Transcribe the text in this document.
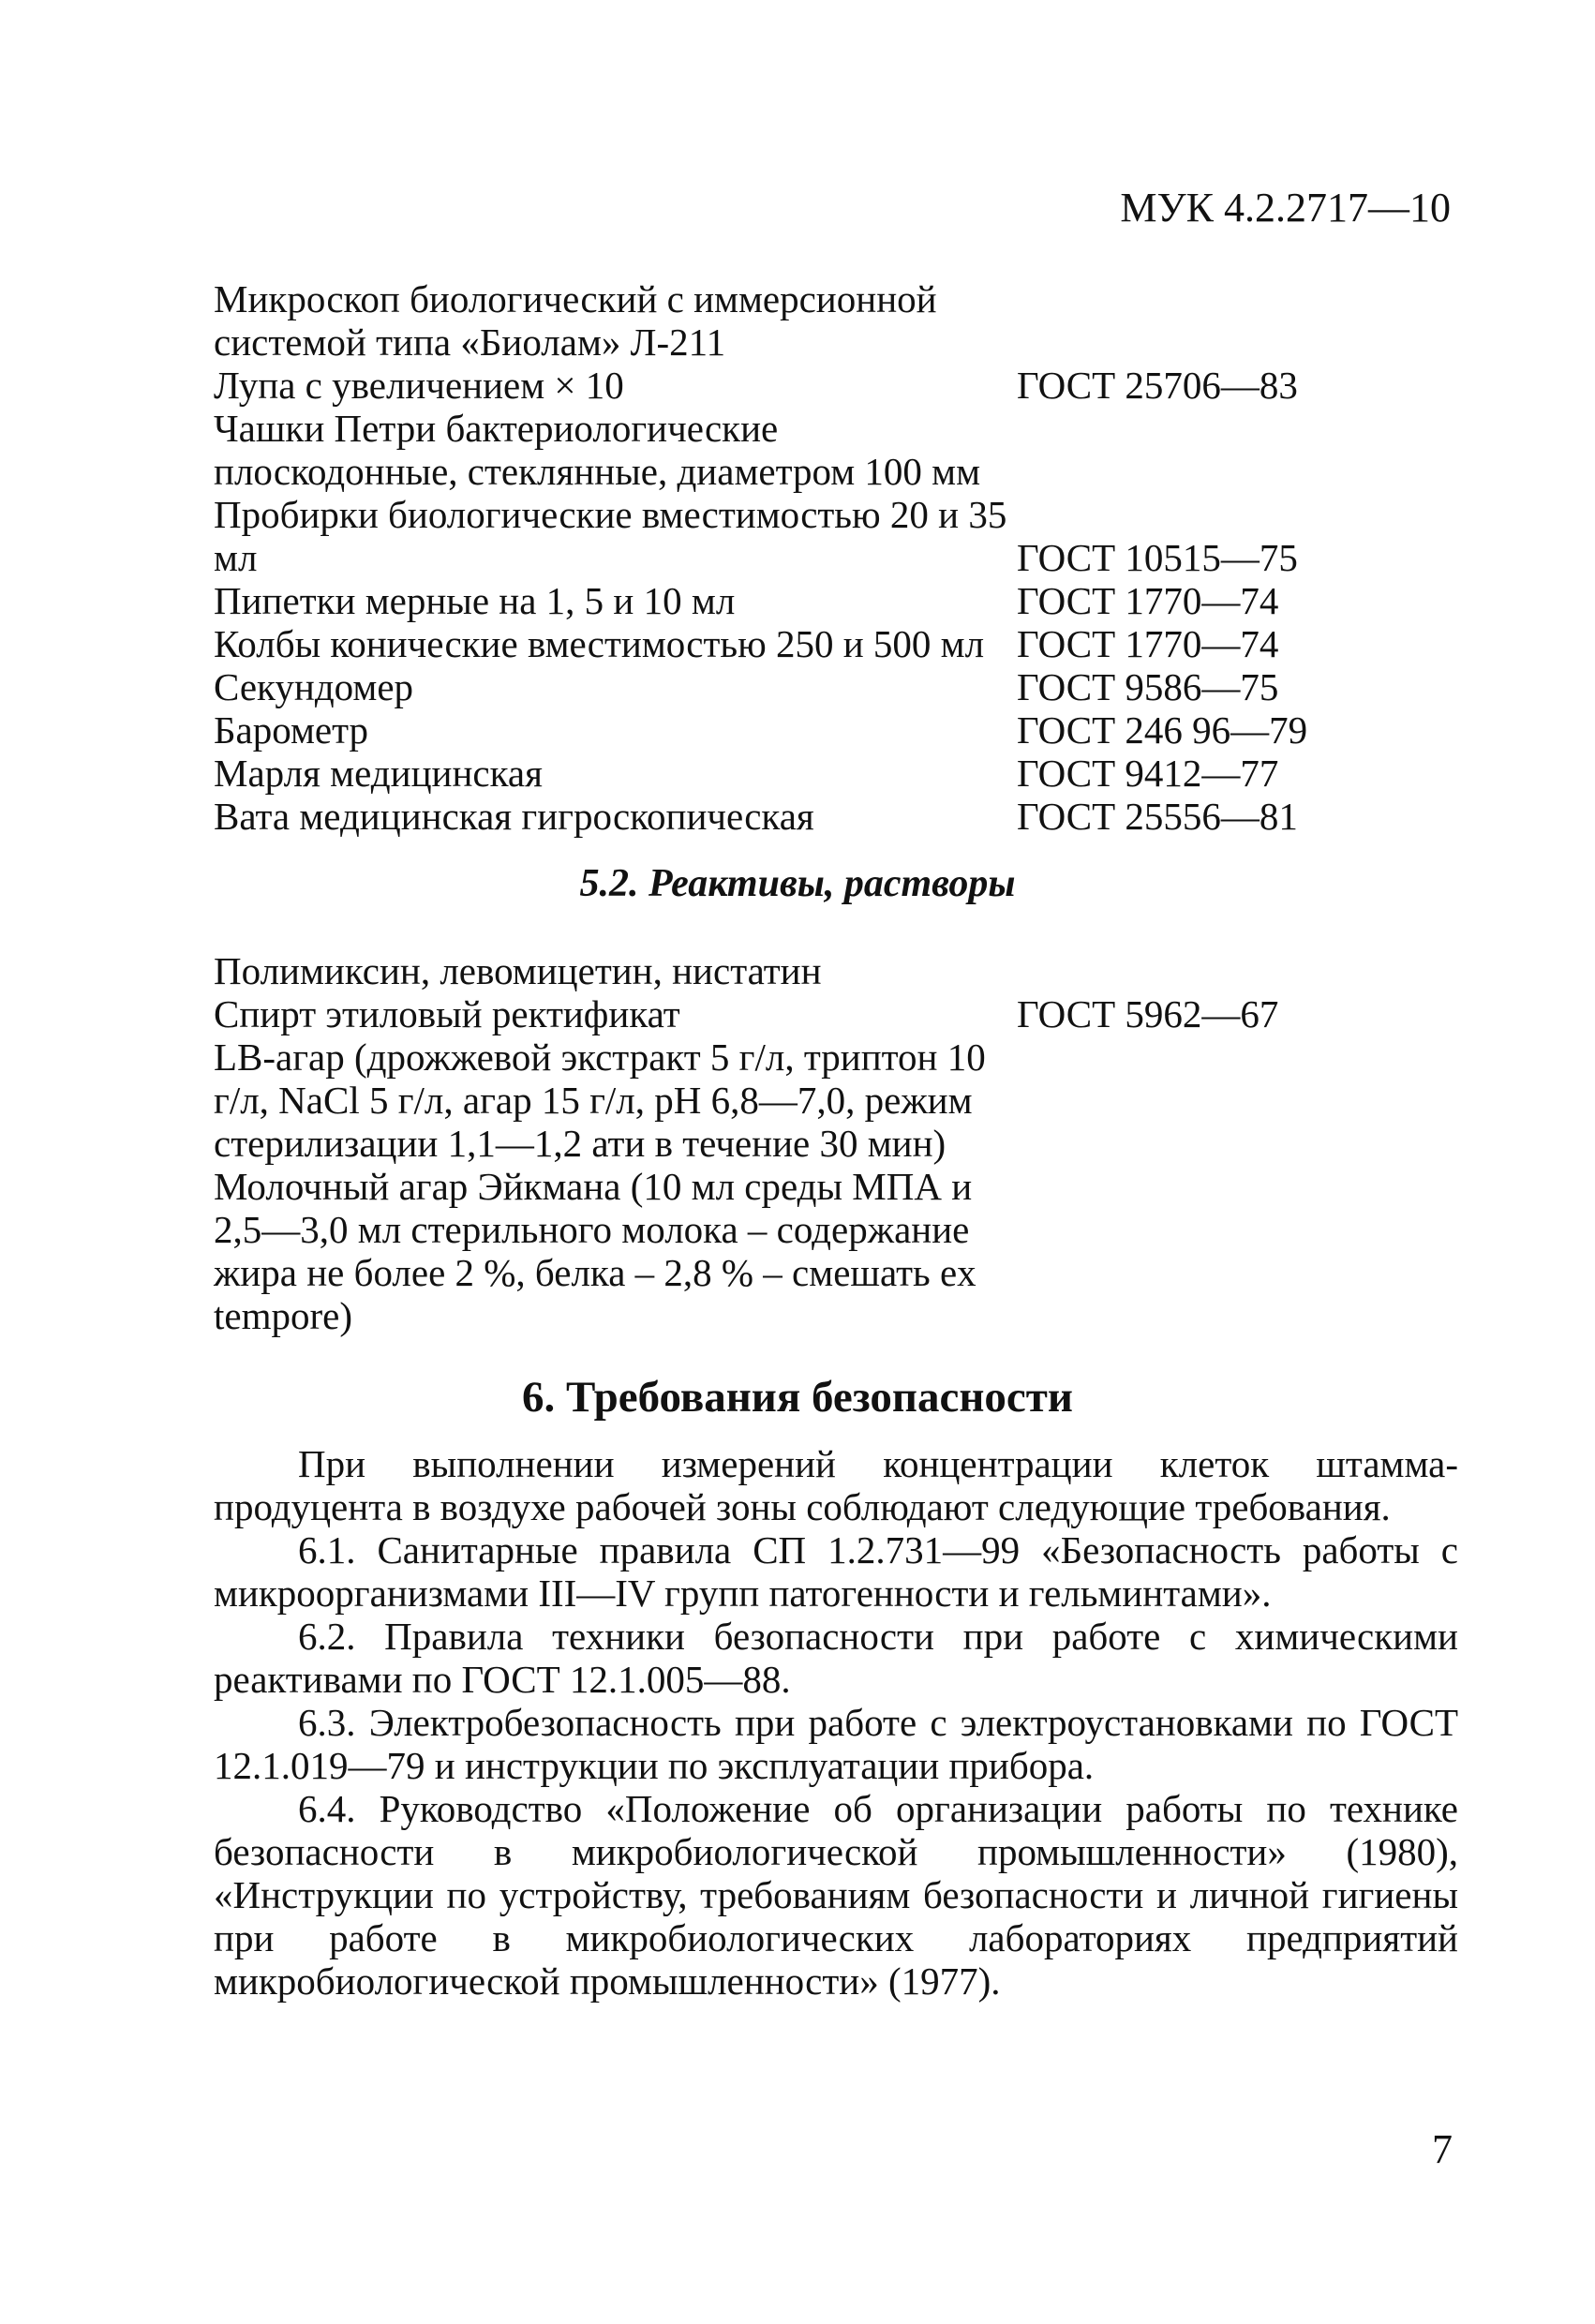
МУК 4.2.2717—10
Микроскоп биологический с иммерсионной системой типа «Биолам» Л-211
Лупа с увеличением × 10	ГОСТ 25706—83
Чашки Петри бактериологические плоскодонные, стеклянные, диаметром 100 мм
Пробирки биологические вместимостью 20 и 35 мл	ГОСТ 10515—75
Пипетки мерные на 1, 5 и 10 мл	ГОСТ 1770—74
Колбы конические вместимостью 250 и 500 мл ГОСТ 1770—74
Секундомер	ГОСТ 9586—75
Барометр	ГОСТ 246 96—79
Марля медицинская	ГОСТ 9412—77
Вата медицинская гигроскопическая	ГОСТ 25556—81
5.2. Реактивы, растворы
Полимиксин, левомицетин, нистатин
Спирт этиловый ректификат	ГОСТ 5962—67
LB-агар (дрожжевой экстракт 5 г/л, триптон 10 г/л, NaCl 5 г/л, агар 15 г/л, pH 6,8—7,0, режим стерилизации 1,1—1,2 ати в течение 30 мин)
Молочный агар Эйкмана (10 мл среды МПА и 2,5—3,0 мл стерильного молока – содержание жира не более 2 %, белка – 2,8 % – смешать ex tempore)
6. Требования безопасности

При выполнении измерений концентрации клеток штамма-продуцента в воздухе рабочей зоны соблюдают следующие требования.

6.1. Санитарные правила СП 1.2.731—99 «Безопасность работы с микроорганизмами III—IV групп патогенности и гельминтами».

6.2. Правила техники безопасности при работе с химическими реактивами по ГОСТ 12.1.005—88.

6.3. Электробезопасность при работе с электроустановками по ГОСТ 12.1.019—79 и инструкции по эксплуатации прибора.

6.4. Руководство «Положение об организации работы по технике безопасности в микробиологической промышленности» (1980), «Инструкции по устройству, требованиям безопасности и личной гигиены при работе в микробиологических лабораториях предприятий микробиологической промышленности» (1977).

7
